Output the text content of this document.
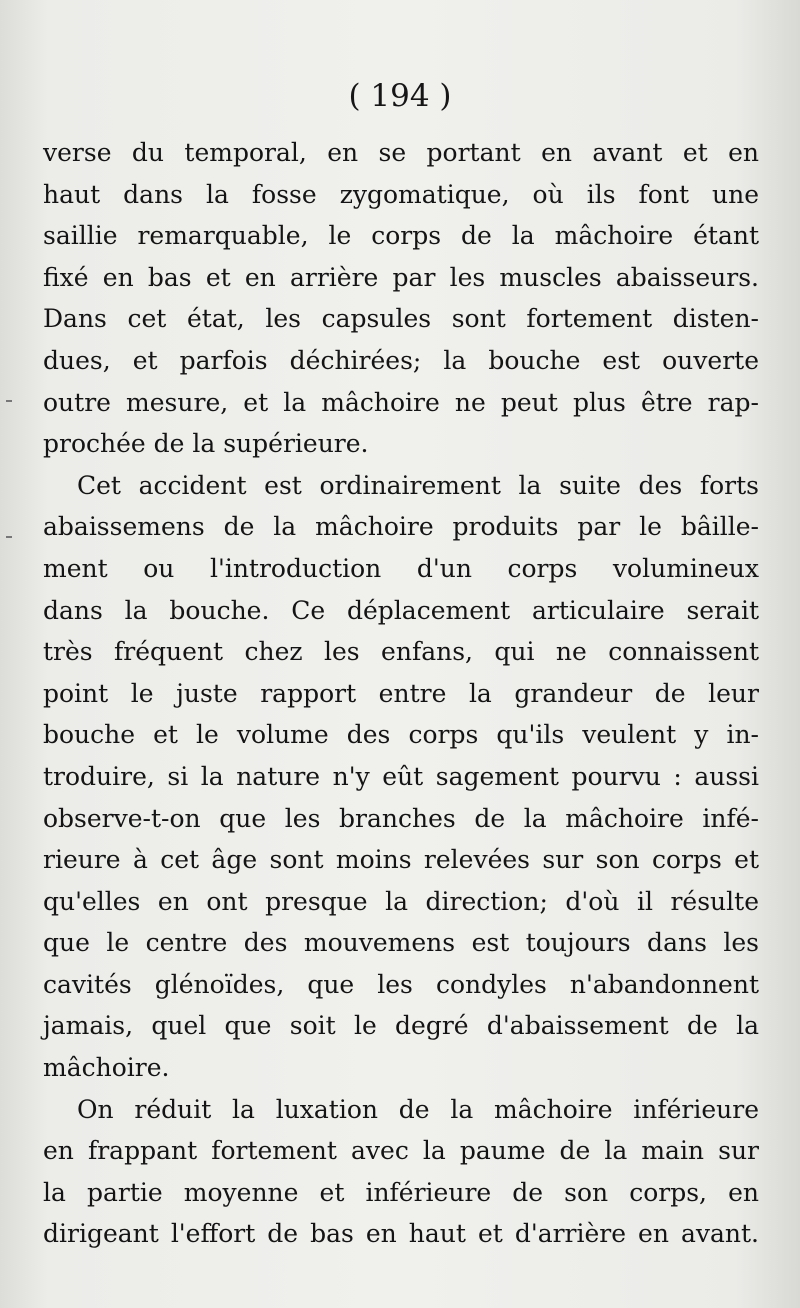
( 194 )
verse du temporal, en se portant en avant et en
haut dans la fosse zygomatique, où ils font une
saillie remarquable, le corps de la mâchoire étant
fixé en bas et en arrière par les muscles abaisseurs.
Dans cet état, les capsules sont fortement disten-
dues, et parfois déchirées; la bouche est ouverte
outre mesure, et la mâchoire ne peut plus être rap-
prochée de la supérieure.
Cet accident est ordinairement la suite des forts
abaissemens de la mâchoire produits par le bâille-
ment ou l'introduction d'un corps volumineux
dans la bouche. Ce déplacement articulaire serait
très fréquent chez les enfans, qui ne connaissent
point le juste rapport entre la grandeur de leur
bouche et le volume des corps qu'ils veulent y in-
troduire, si la nature n'y eût sagement pourvu : aussi
observe-t-on que les branches de la mâchoire infé-
rieure à cet âge sont moins relevées sur son corps et
qu'elles en ont presque la direction; d'où il résulte
que le centre des mouvemens est toujours dans les
cavités glénoïdes, que les condyles n'abandonnent
jamais, quel que soit le degré d'abaissement de la
mâchoire.
On réduit la luxation de la mâchoire inférieure
en frappant fortement avec la paume de la main sur
la partie moyenne et inférieure de son corps, en
dirigeant l'effort de bas en haut et d'arrière en avant.
